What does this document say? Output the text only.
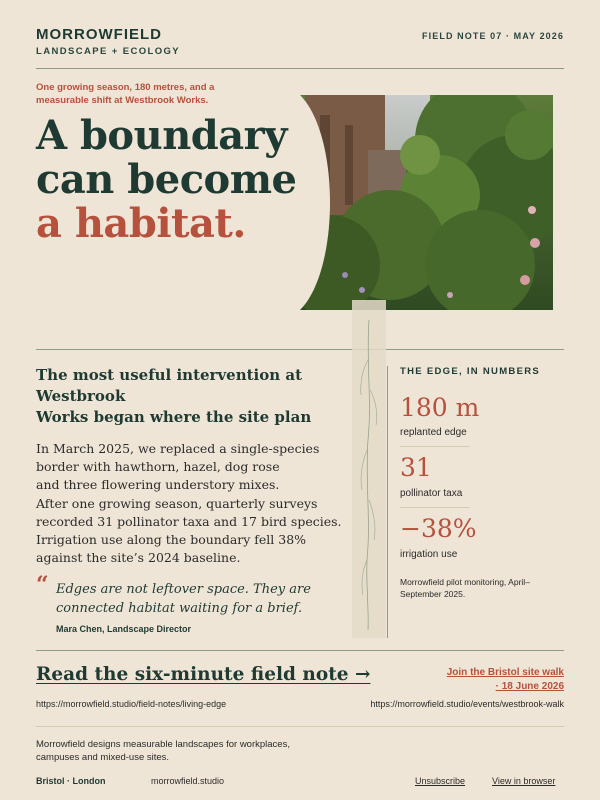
MORROWFIELD
LANDSCAPE + ECOLOGY
FIELD NOTE 07 · MAY 2026
One growing season, 180 metres, and a measurable shift at Westbrook Works.
A boundary
can become
a habitat.
The most useful intervention at
Westbrook
Works began where the site plan
In March 2025, we replaced a single-species
border with hawthorn, hazel, dog rose
and three flowering understory mixes.
After one growing season, quarterly surveys
recorded 31 pollinator taxa and 17 bird species.
Irrigation use along the boundary fell 38%
against the site’s 2024 baseline.
“ Edges are not leftover space. They are
connected habitat waiting for a brief.
Mara Chen, Landscape Director
THE EDGE, IN NUMBERS
180 m
replanted edge
31
pollinator taxa
−38%
irrigation use
Morrowfield pilot monitoring, April–September 2025.
Read the six-minute field note →
https://morrowfield.studio/field-notes/living-edge
Join the Bristol site walk
· 18 June 2026
https://morrowfield.studio/events/westbrook-walk
Morrowfield designs measurable landscapes for workplaces, campuses and mixed-use sites.
Bristol · London	morrowfield.studio	Unsubscribe	View in browser
